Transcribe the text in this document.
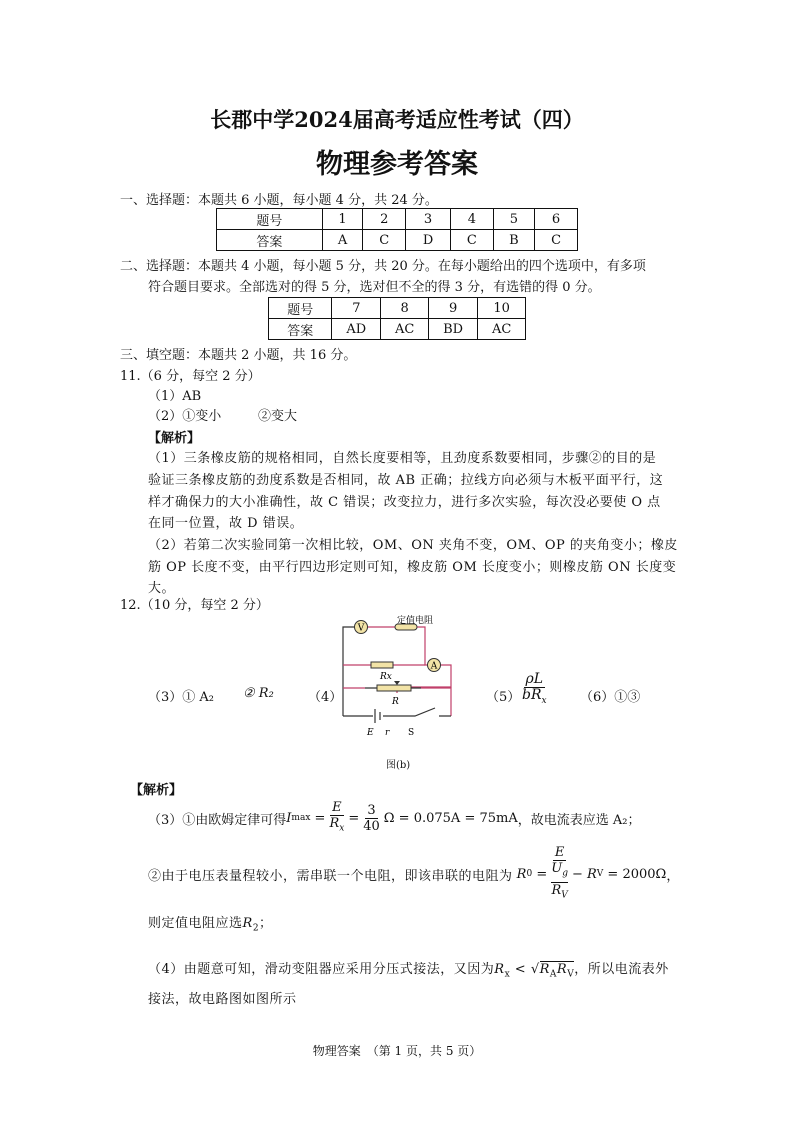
长郡中学2024届高考适应性考试（四）
物理参考答案
一、选择题：本题共 6 小题，每小题 4 分，共 24 分。
题号	1	2	3	4	5	6
答案	A	C	D	C	B	C
二、选择题：本题共 4 小题，每小题 5 分，共 20 分。在每小题给出的四个选项中，有多项
符合题目要求。全部选对的得 5 分，选对但不全的得 3 分，有选错的得 0 分。
题号	7	8	9	10
答案	AD	AC	BD	AC
三、填空题：本题共 2 小题，共 16 分。
11.（6 分，每空 2 分）
（1）AB
（2）①变小	②变大
【解析】
（1）三条橡皮筋的规格相同，自然长度要相等，且劲度系数要相同，步骤②的目的是
验证三条橡皮筋的劲度系数是否相同，故 AB 正确；拉线方向必须与木板平面平行，这
样才确保力的大小准确性，故 C 错误；改变拉力，进行多次实验，每次没必要使 O 点
在同一位置，故 D 错误。
（2）若第二次实验同第一次相比较，OM、ON 夹角不变，OM、OP 的夹角变小；橡皮
筋 OP 长度不变，由平行四边形定则可知，橡皮筋 OM 长度变小；则橡皮筋 ON 长度变
大。
12.（10 分，每空 2 分）
（3）① A₂ ② R₂	（4）
V
定值电阻
A
Rx
R
E r S
图(b)
$(5) \frac{\rho L}{bR_x}$ （6）①③
【解析】
（3）①由欧姆定律可得 I $\max = \frac{E}{R_x} = \frac{3}{40}$ Ω = 0.075A = 75mA ，故电流表应选 A₂；
②由于电压表量程较小，需串联一个电阻，即该串联的电阻为
R 0 = E
$U_g$
$R_V - R$ V
= 2000Ω ，
则定值电阻应选$R_2$；
（4）由题意可知，滑动变阻器应采用分压式接法，又因为$R_x < √R_AR_V$，所以电流表外
接法，故电路图如图所示
物理答案　（第 1 页，共 5 页）
